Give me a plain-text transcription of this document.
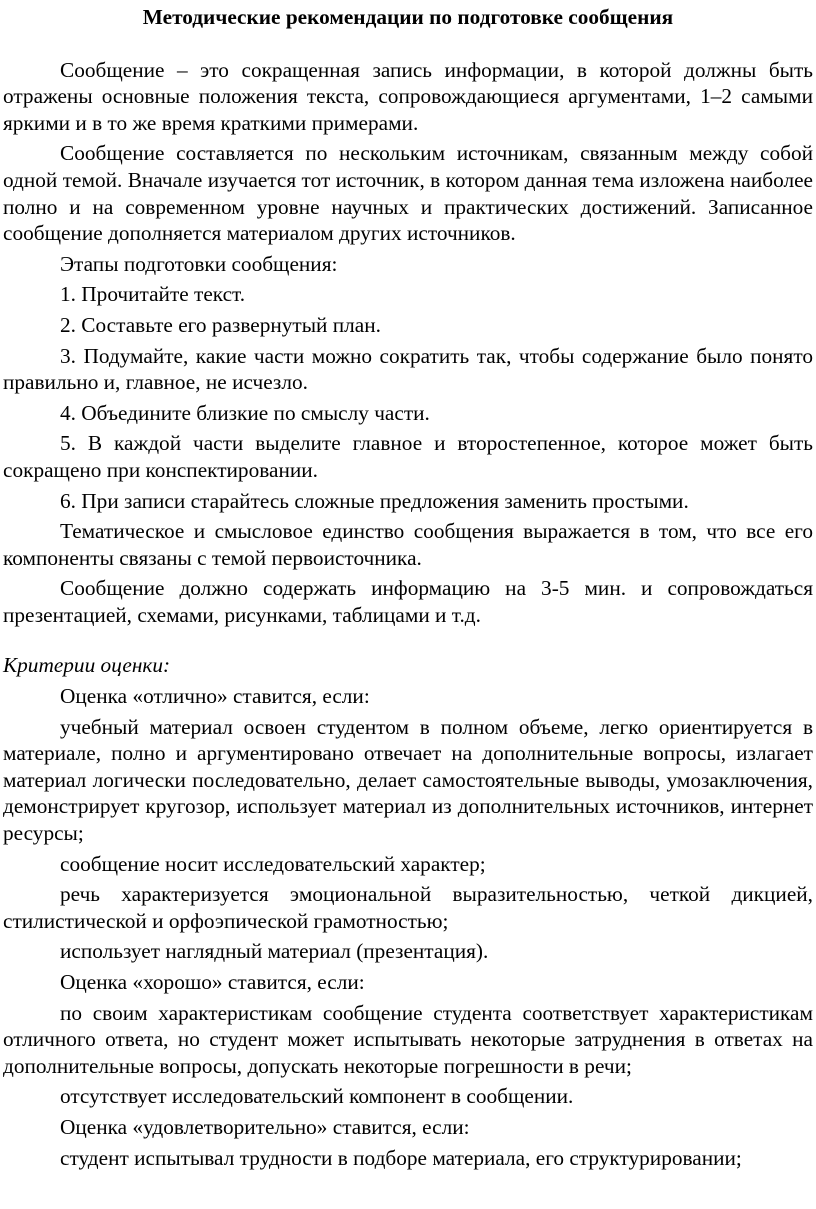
Методические рекомендации по подготовке сообщения

Сообщение – это сокращенная запись информации, в которой должны быть отражены основные положения текста, сопровождающиеся аргументами, 1–2 самыми яркими и в то же время краткими примерами.

Сообщение составляется по нескольким источникам, связанным между собой одной темой. Вначале изучается тот источник, в котором данная тема изложена наиболее полно и на современном уровне научных и практических достижений. Записанное сообщение дополняется материалом других источников.

Этапы подготовки сообщения:

1. Прочитайте текст.

2. Составьте его развернутый план.

3. Подумайте, какие части можно сократить так, чтобы содержание было понято правильно и, главное, не исчезло.

4. Объедините близкие по смыслу части.

5. В каждой части выделите главное и второстепенное, которое может быть сокращено при конспектировании.

6. При записи старайтесь сложные предложения заменить простыми.

Тематическое и смысловое единство сообщения выражается в том, что все его компоненты связаны с темой первоисточника.

Сообщение должно содержать информацию на 3-5 мин. и сопровождаться презентацией, схемами, рисунками, таблицами и т.д.

Критерии оценки:

Оценка «отлично» ставится, если:

учебный материал освоен студентом в полном объеме, легко ориентируется в материале, полно и аргументировано отвечает на дополнительные вопросы, излагает материал логически последовательно, делает самостоятельные выводы, умозаключения, демонстрирует кругозор, использует материал из дополнительных источников, интернет ресурсы;

сообщение носит исследовательский характер;

речь характеризуется эмоциональной выразительностью, четкой дикцией, стилистической и орфоэпической грамотностью;

использует наглядный материал (презентация).

Оценка «хорошо» ставится, если:

по своим характеристикам сообщение студента соответствует характеристикам отличного ответа, но студент может испытывать некоторые затруднения в ответах на дополнительные вопросы, допускать некоторые погрешности в речи;

отсутствует исследовательский компонент в сообщении.

Оценка «удовлетворительно» ставится, если:

студент испытывал трудности в подборе материала, его структурировании;
